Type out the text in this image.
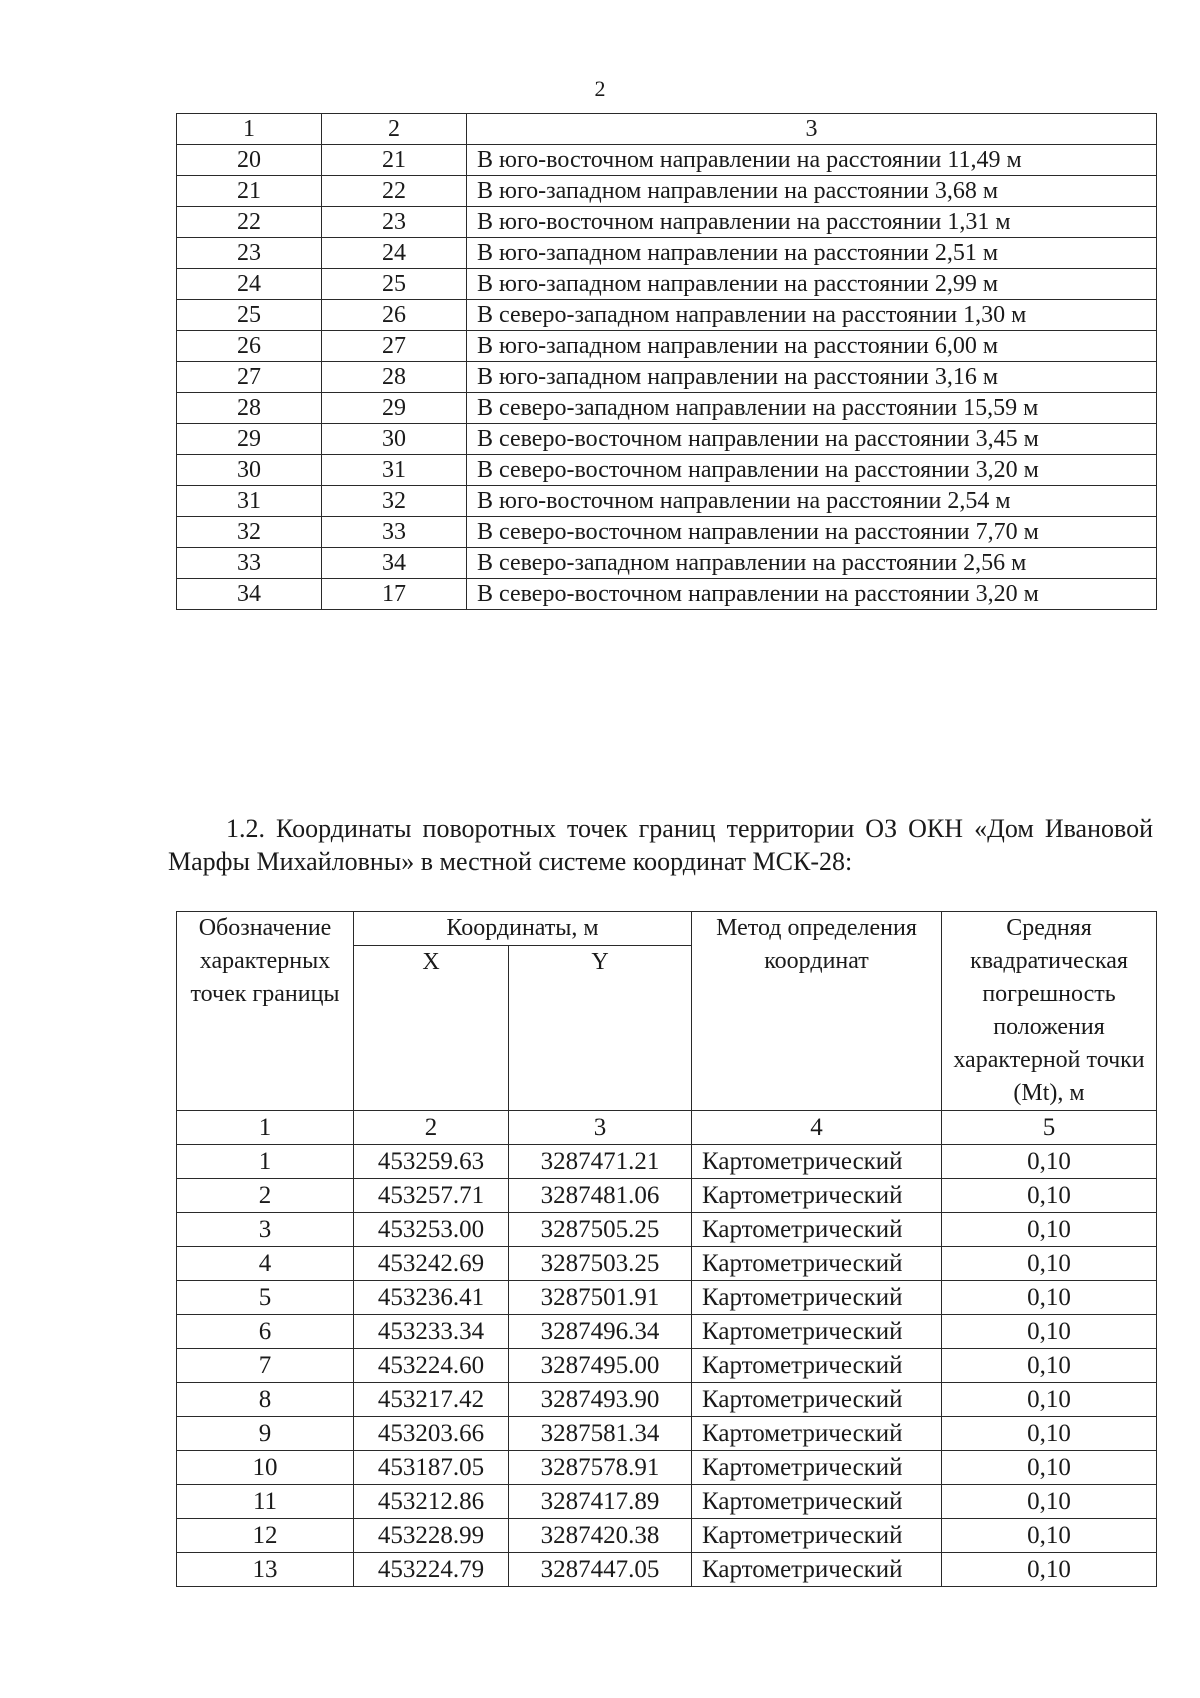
2
1	2	3
20	21	В юго-восточном направлении на расстоянии 11,49 м
21	22	В юго-западном направлении на расстоянии 3,68 м
22	23	В юго-восточном направлении на расстоянии 1,31 м
23	24	В юго-западном направлении на расстоянии 2,51 м
24	25	В юго-западном направлении на расстоянии 2,99 м
25	26	В северо-западном направлении на расстоянии 1,30 м
26	27	В юго-западном направлении на расстоянии 6,00 м
27	28	В юго-западном направлении на расстоянии 3,16 м
28	29	В северо-западном направлении на расстоянии 15,59 м
29	30	В северо-восточном направлении на расстоянии 3,45 м
30	31	В северо-восточном направлении на расстоянии 3,20 м
31	32	В юго-восточном направлении на расстоянии 2,54 м
32	33	В северо-восточном направлении на расстоянии 7,70 м
33	34	В северо-западном направлении на расстоянии 2,56 м
34	17	В северо-восточном направлении на расстоянии 3,20 м
1.2. Координаты поворотных точек границ территории ОЗ ОКН «Дом Ивановой Марфы Михайловны» в местной системе координат МСК-28:
Обозначение характерных точек границы	Координаты, м		Метод определения координат	Средняя квадратическая погрешность положения характерной точки (Mt), м
	X	Y		
1	2	3	4	5
1	453259.63	3287471.21	Картометрический	0,10
2	453257.71	3287481.06	Картометрический	0,10
3	453253.00	3287505.25	Картометрический	0,10
4	453242.69	3287503.25	Картометрический	0,10
5	453236.41	3287501.91	Картометрический	0,10
6	453233.34	3287496.34	Картометрический	0,10
7	453224.60	3287495.00	Картометрический	0,10
8	453217.42	3287493.90	Картометрический	0,10
9	453203.66	3287581.34	Картометрический	0,10
10	453187.05	3287578.91	Картометрический	0,10
11	453212.86	3287417.89	Картометрический	0,10
12	453228.99	3287420.38	Картометрический	0,10
13	453224.79	3287447.05	Картометрический	0,10
